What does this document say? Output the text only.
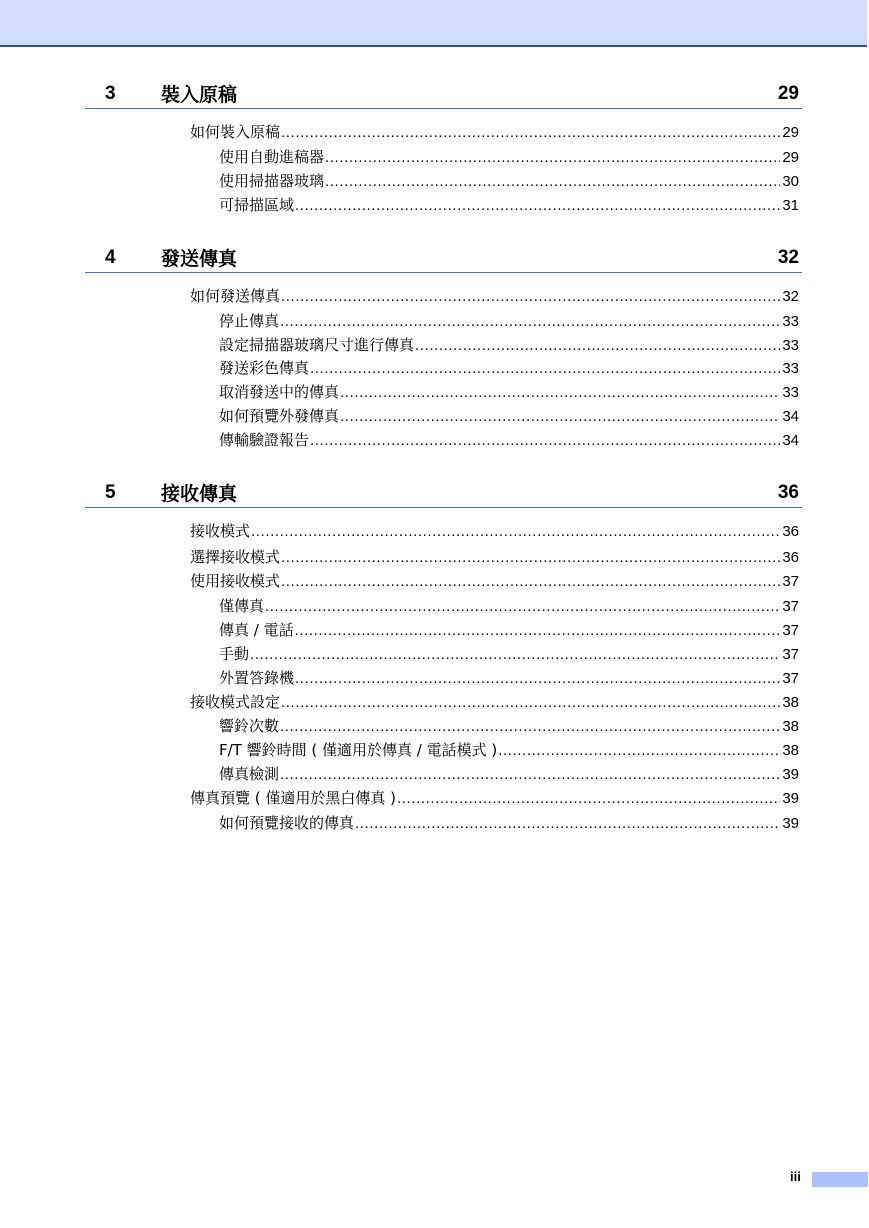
3 裝入原稿	29
如何裝入原稿 .....	29
使用自動進稿器 .....	29
使用掃描器玻璃 .....	30
可掃描區域 .....	31
4 發送傳真	32
如何發送傳真 .....	32
停止傳真 .....	33
設定掃描器玻璃尺寸進行傳真 .....	33
發送彩色傳真 .....	33
取消發送中的傳真 .....	33
如何預覽外發傳真 .....	34
傳輸驗證報告 .....	34
5 接收傳真	36
接收模式 .....	36
選擇接收模式 .....	36
使用接收模式 .....	37
僅傳真 .....	37
傳真 / 電話 .....	37
手動 .....	37
外置答錄機 .....	37
接收模式設定 .....	38
響鈴次數 .....	38
F/T 響鈴時間 ( 僅適用於傳真 / 電話模式 ) .....	38
傳真檢測 .....	39
傳真預覽 ( 僅適用於黑白傳真 ) .....	39
如何預覽接收的傳真 .....	39
iii
